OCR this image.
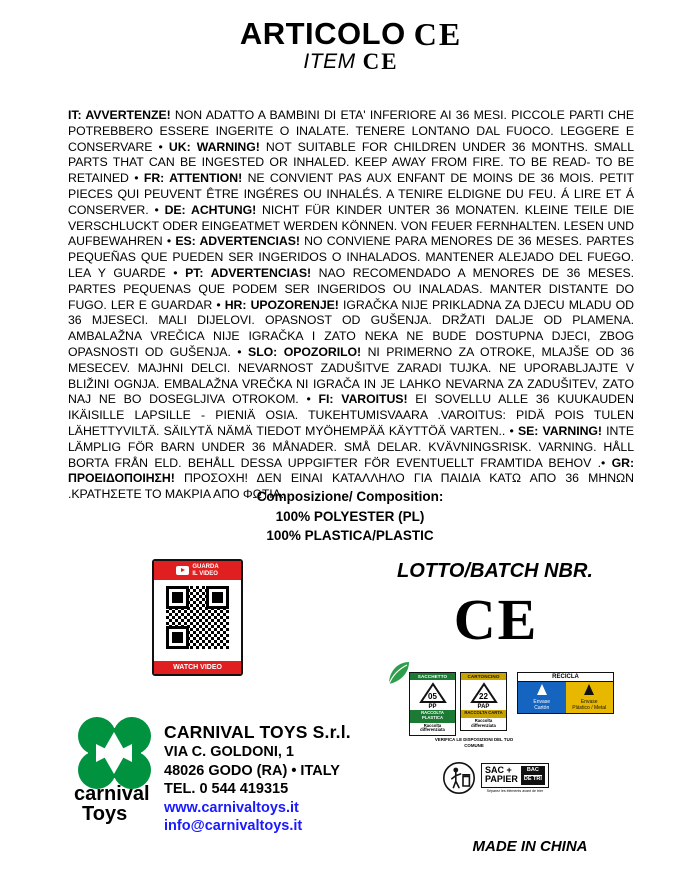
ARTICOLO C E
ITEM C E
IT: AVVERTENZE! NON ADATTO A BAMBINI DI ETA' INFERIORE AI 36 MESI. PICCOLE PARTI CHE POTREBBERO ESSERE INGERITE O INALATE. TENERE LONTANO DAL FUOCO. LEGGERE E CONSERVARE • UK: WARNING! NOT SUITABLE FOR CHILDREN UNDER 36 MONTHS. SMALL PARTS THAT CAN BE INGESTED OR INHALED. KEEP AWAY FROM FIRE. TO BE READ- TO BE RETAINED • FR: ATTENTION! NE CONVIENT PAS AUX ENFANT DE MOINS DE 36 MOIS. PETIT PIECES QUI PEUVENT ÊTRE INGÉRES OU INHALÉS. A TENIRE ELDIGNE DU FEU. Á LIRE ET Á CONSERVER. • DE: ACHTUNG! NICHT FÜR KINDER UNTER 36 MONATEN. KLEINE TEILE DIE VERSCHLUCKT ODER EINGEATMET WERDEN KÖNNEN. VON FEUER FERNHALTEN. LESEN UND AUFBEWAHREN • ES: ADVERTENCIAS! NO CONVIENE PARA MENORES DE 36 MESES. PARTES PEQUEÑAS QUE PUEDEN SER INGERIDOS O INHALADOS. MANTENER ALEJADO DEL FUEGO. LEA Y GUARDE • PT: ADVERTENCIAS! NAO RECOMENDADO A MENORES DE 36 MESES. PARTES PEQUENAS QUE PODEM SER INGERIDOS OU INALADAS. MANTER DISTANTE DO FUGO. LER E GUARDAR • HR: UPOZORENJE! IGRAČKA NIJE PRIKLADNA ZA DJECU MLADU OD 36 MJESECI. MALI DIJELOVI. OPASNOST OD GUŠENJA. DRŽATI DALJE OD PLAMENA. AMBALAŽNA VREČICA NIJE IGRAČKA I ZATO NEKA NE BUDE DOSTUPNA DJECI, ZBOG OPASNOSTI OD GUŠENJA. • SLO: OPOZORILO! NI PRIMERNO ZA OTROKE, MLAJŠE OD 36 MESECEV. MAJHNI DELCI. NEVARNOST ZADUŠITVE ZARADI TUJKA. NE UPORABLJAJTE V BLIŽINI OGNJA. EMBALAŽNA VREČKA NI IGRAČA IN JE LAHKO NEVARNA ZA ZADUŠITEV, ZATO NAJ NE BO DOSEGLJIVA OTROKOM. • FI: VAROITUS! EI SOVELLU ALLE 36 KUUKAUDEN IKÄISILLE LAPSILLE - PIENIÄ OSIA. TUKEHTUMISVAARA .VAROITUS: PIDÄ POIS TULEN LÄHETTYVILTÄ. SÄILYTÄ NÄMÄ TIEDOT MYÖHEMPÄÄ KÄYTTÖÄ VARTEN.. • SE: VARNING! INTE LÄMPLIG FÖR BARN UNDER 36 MÅNADER. SMÅ DELAR. KVÄVNINGSRISK. VARNING. HÅLL BORTA FRÅN ELD. BEHÅLL DESSA UPPGIFTER FÖR EVENTUELLT FRAMTIDA BEHOV .• GR: ΠΡΟΕΙΔΟΠΟΙΗΣΗ! ΠΡΟΣΟΧΗ! ΔΕΝ ΕΙΝΑΙ ΚΑΤΑΛΛΗΛΟ ΓΙΑ ΠΑΙΔΙΑ ΚΑΤΩ ΑΠΟ 36 ΜΗΝΩΝ .ΚΡΑΤΗΣΕΤΕ ΤΟ ΜΑΚΡΙΑ ΑΠΟ ΦΩΤΙΑ.
Composizione/ Composition:
100% POLYESTER (PL)
100% PLASTICA/PLASTIC
GUARDA
IL VIDEO
WATCH VIDEO
LOTTO/BATCH NBR.
C E
carnival
Toys
CARNIVAL TOYS S.r.l.
VIA C. GOLDONI, 1
48026 GODO (RA) • ITALY
TEL. 0 544 419315
www.carnivaltoys.it
info@carnivaltoys.it
SACCHETTO
05
PP
RACCOLTA PLASTICA
Raccolta differenziata
CARTONCINO
22
PAP
RACCOLTA CARTA
Raccolta differenziata
RECICLA
Envase
Cartón
Envase
Plástico / Metal
VERIFICA LE DISPOSIZIONI DEL TUO COMUNE
SAC +
PAPIER
BAC
DE TRI
Séparez les éléments avant de trier
MADE IN CHINA
